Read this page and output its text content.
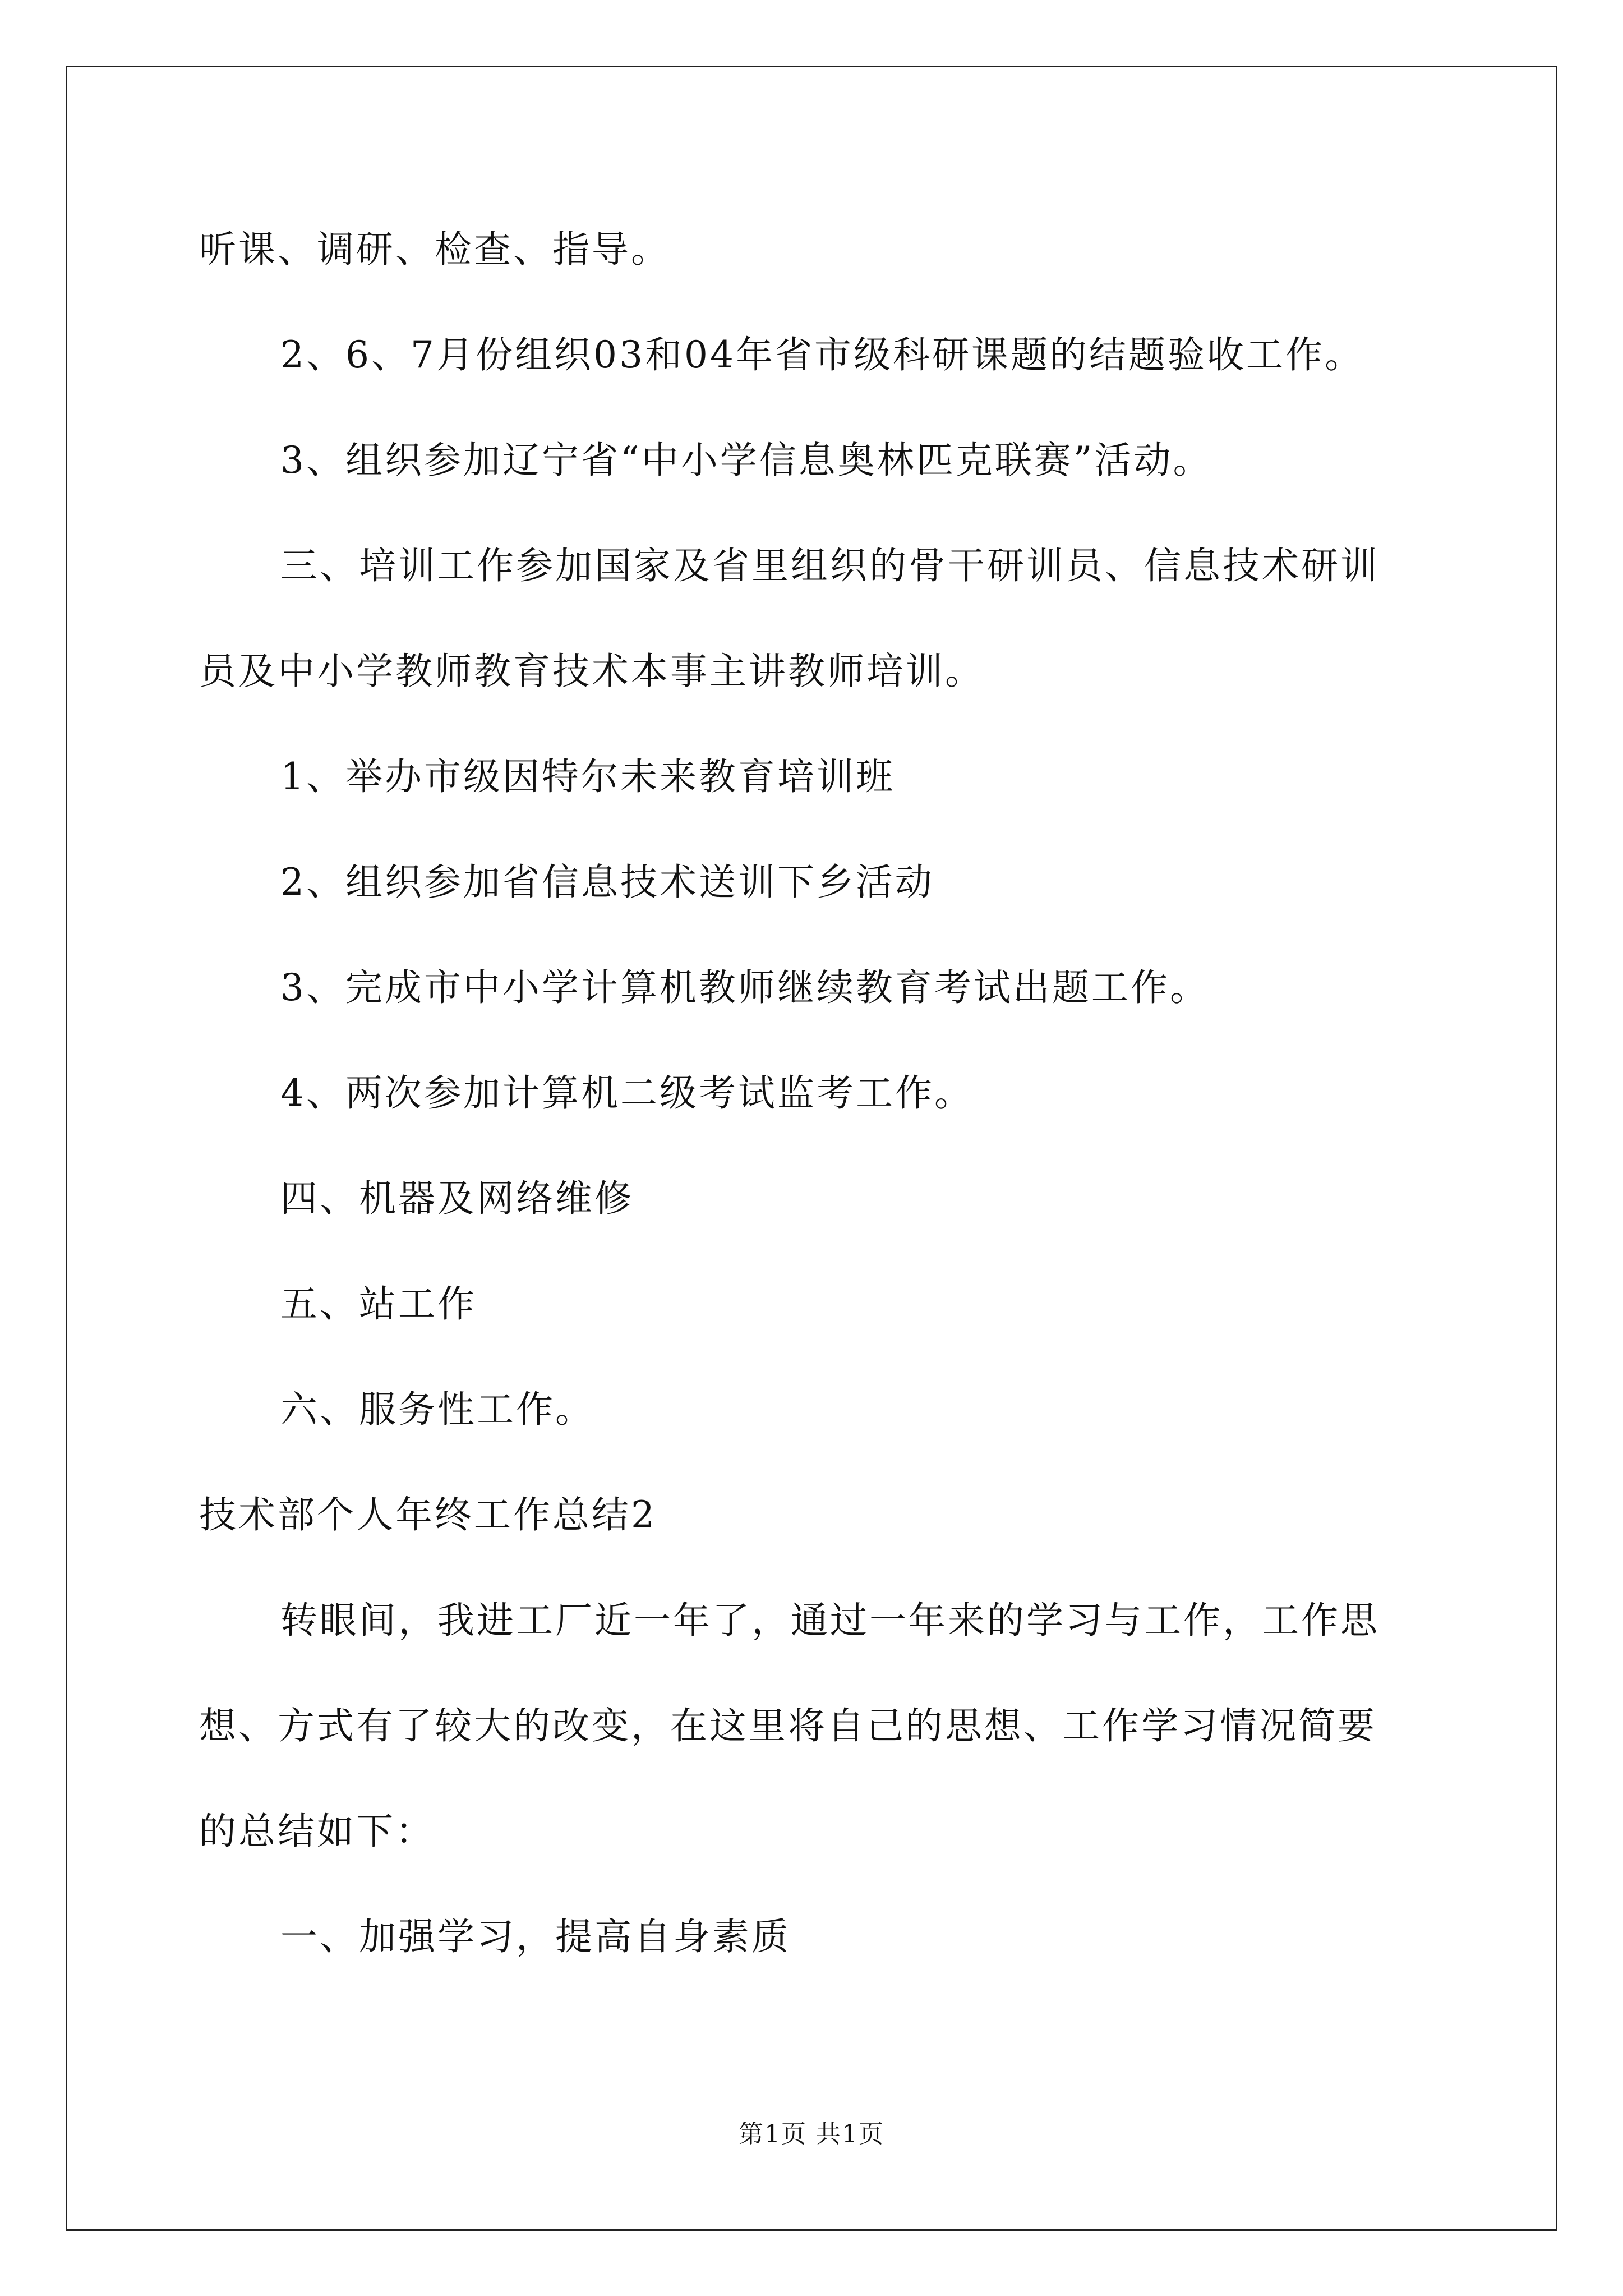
听课、调研、检查、指导。
2、6、7月份组织03和04年省市级科研课题的结题验收工作。
3、组织参加辽宁省“中小学信息奥林匹克联赛”活动。
三、培训工作参加国家及省里组织的骨干研训员、信息技术研训
员及中小学教师教育技术本事主讲教师培训。
1、举办市级因特尔未来教育培训班
2、组织参加省信息技术送训下乡活动
3、完成市中小学计算机教师继续教育考试出题工作。
4、两次参加计算机二级考试监考工作。
四、机器及网络维修
五、站工作
六、服务性工作。
技术部个人年终工作总结2
转眼间，我进工厂近一年了，通过一年来的学习与工作，工作思
想、方式有了较大的改变，在这里将自己的思想、工作学习情况简要
的总结如下：
一、加强学习，提高自身素质
第1页 共1页
